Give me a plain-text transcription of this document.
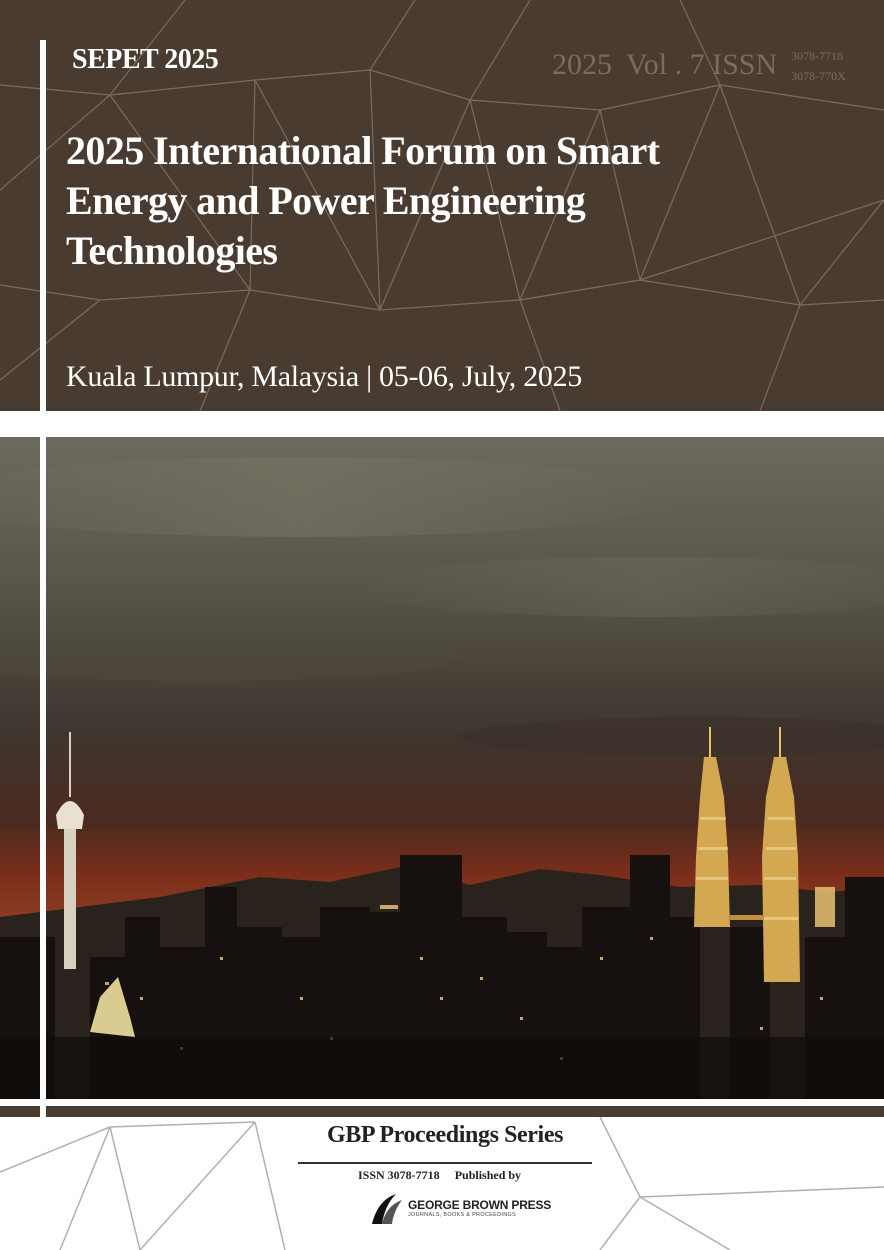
SEPET 2025	2025 Vol . 7 ISSN 3078-7718
3078-770X
2025 International Forum on Smart Energy and Power Engineering Technologies
Kuala Lumpur, Malaysia | 05-06, July, 2025
GBP Proceedings Series
ISSN 3078-7718 Published by
GEORGE BROWN PRESS
JOURNALS, BOOKS & PROCEEDINGS
